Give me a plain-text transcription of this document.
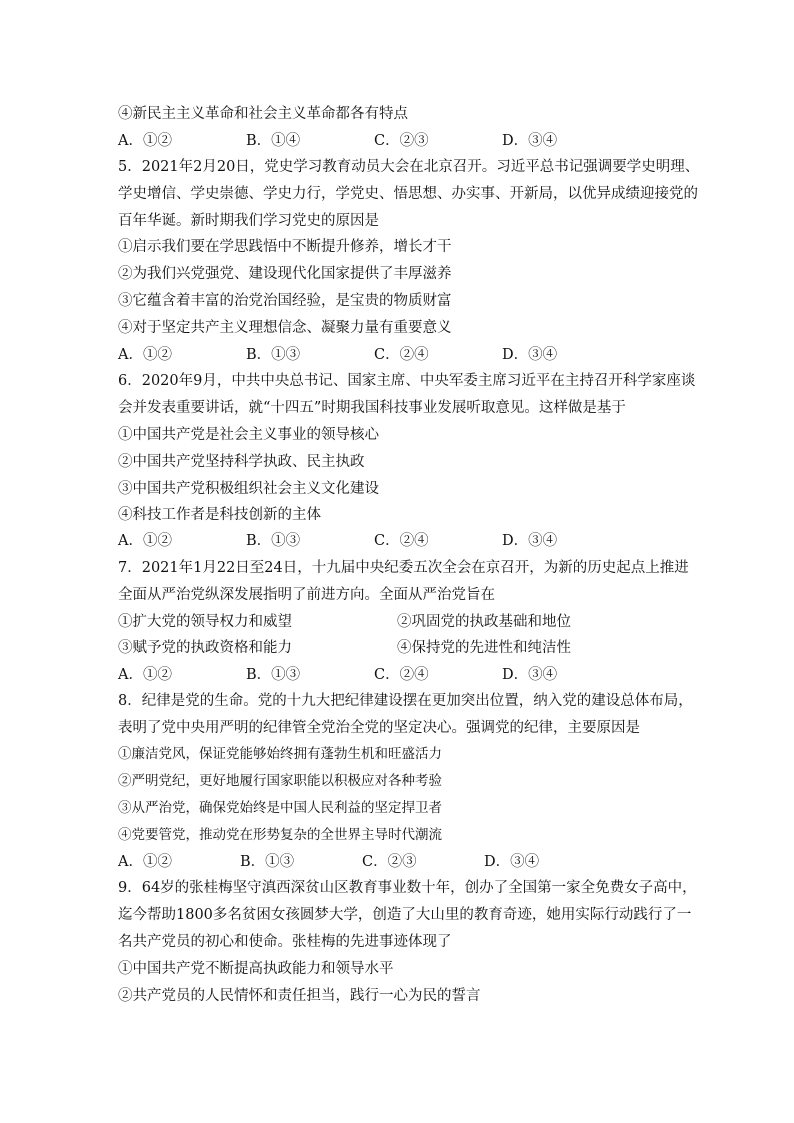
④新民主主义革命和社会主义革命都各有特点
A．①②	B．①④	C．②③	D．③④
5．2021年2月20日，党史学习教育动员大会在北京召开。习近平总书记强调要学史明理、
学史增信、学史崇德、学史力行，学党史、悟思想、办实事、开新局，以优异成绩迎接党的
百年华诞。新时期我们学习党史的原因是
①启示我们要在学思践悟中不断提升修养，增长才干
②为我们兴党强党、建设现代化国家提供了丰厚滋养
③它蕴含着丰富的治党治国经验，是宝贵的物质财富
④对于坚定共产主义理想信念、凝聚力量有重要意义
A．①②	B．①③	C．②④	D．③④
6．2020年9月，中共中央总书记、国家主席、中央军委主席习近平在主持召开科学家座谈
会并发表重要讲话，就“十四五”时期我国科技事业发展听取意见。这样做是基于
①中国共产党是社会主义事业的领导核心
②中国共产党坚持科学执政、民主执政
③中国共产党积极组织社会主义文化建设
④科技工作者是科技创新的主体
A．①②	B．①③	C．②④	D．③④
7．2021年1月22日至24日，十九届中央纪委五次全会在京召开，为新的历史起点上推进
全面从严治党纵深发展指明了前进方向。全面从严治党旨在
①扩大党的领导权力和威望	②巩固党的执政基础和地位
③赋予党的执政资格和能力	④保持党的先进性和纯洁性
A．①②	B．①③	C．②④	D．③④
8．纪律是党的生命。党的十九大把纪律建设摆在更加突出位置，纳入党的建设总体布局，
表明了党中央用严明的纪律管全党治全党的坚定决心。强调党的纪律，主要原因是
①廉洁党风，保证党能够始终拥有蓬勃生机和旺盛活力
②严明党纪，更好地履行国家职能以积极应对各种考验
③从严治党，确保党始终是中国人民利益的坚定捍卫者
④党要管党，推动党在形势复杂的全世界主导时代潮流
A．①②	B．①③	C．②③	D．③④
9．64岁的张桂梅坚守滇西深贫山区教育事业数十年，创办了全国第一家全免费女子高中，
迄今帮助1800多名贫困女孩圆梦大学，创造了大山里的教育奇迹，她用实际行动践行了一
名共产党员的初心和使命。张桂梅的先进事迹体现了
①中国共产党不断提高执政能力和领导水平
②共产党员的人民情怀和责任担当，践行一心为民的誓言
